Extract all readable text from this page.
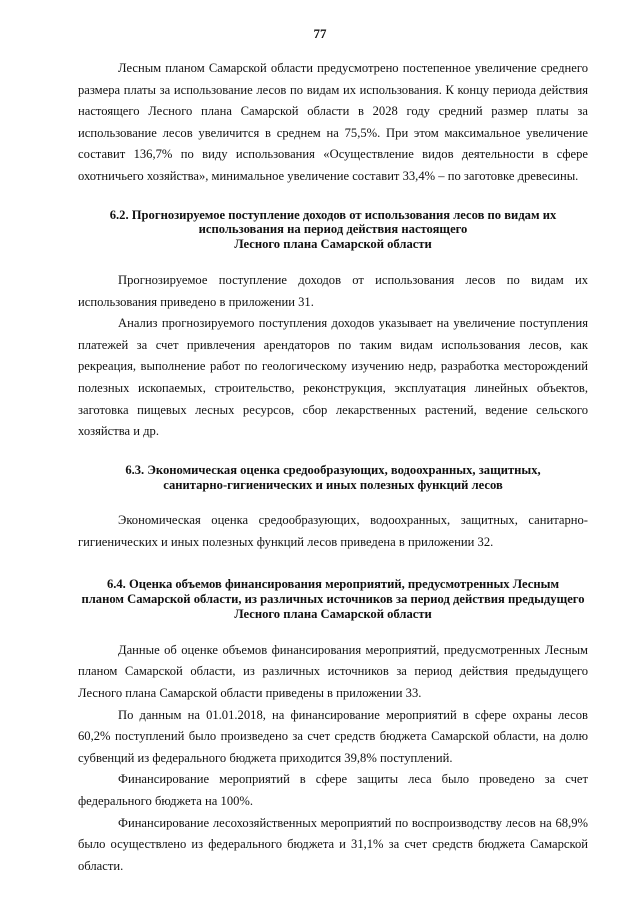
77

Лесным планом Самарской области предусмотрено постепенное увеличение среднего размера платы за использование лесов по видам их использования. К концу периода действия настоящего Лесного плана Самарской области в 2028 году средний размер платы за использование лесов увеличится в среднем на 75,5%. При этом максимальное увеличение составит 136,7% по виду использования «Осуществление видов деятельности в сфере охотничьего хозяйства», минимальное увеличение составит 33,4% – по заготовке древесины.

6.2. Прогнозируемое поступление доходов от использования лесов по видам их
использования на период действия настоящего
Лесного плана Самарской области

Прогнозируемое поступление доходов от использования лесов по видам их использования приведено в приложении 31.

Анализ прогнозируемого поступления доходов указывает на увеличение поступления платежей за счет привлечения арендаторов по таким видам использования лесов, как рекреация, выполнение работ по геологическому изучению недр, разработка месторождений полезных ископаемых, строительство, реконструкция, эксплуатация линейных объектов, заготовка пищевых лесных ресурсов, сбор лекарственных растений, ведение сельского хозяйства и др.

6.3. Экономическая оценка средообразующих, водоохранных, защитных,
санитарно-гигиенических и иных полезных функций лесов

Экономическая оценка средообразующих, водоохранных, защитных, санитарно-гигиенических и иных полезных функций лесов приведена в приложении 32.

6.4. Оценка объемов финансирования мероприятий, предусмотренных Лесным
планом Самарской области, из различных источников за период действия предыдущего
Лесного плана Самарской области

Данные об оценке объемов финансирования мероприятий, предусмотренных Лесным планом Самарской области, из различных источников за период действия предыдущего Лесного плана Самарской области приведены в приложении 33.

По данным на 01.01.2018, на финансирование мероприятий в сфере охраны лесов 60,2% поступлений было произведено за счет средств бюджета Самарской области, на долю субвенций из федерального бюджета приходится 39,8% поступлений.

Финансирование мероприятий в сфере защиты леса было проведено за счет федерального бюджета на 100%.

Финансирование лесохозяйственных мероприятий по воспроизводству лесов на 68,9% было осуществлено из федерального бюджета и 31,1% за счет средств бюджета Самарской области.
